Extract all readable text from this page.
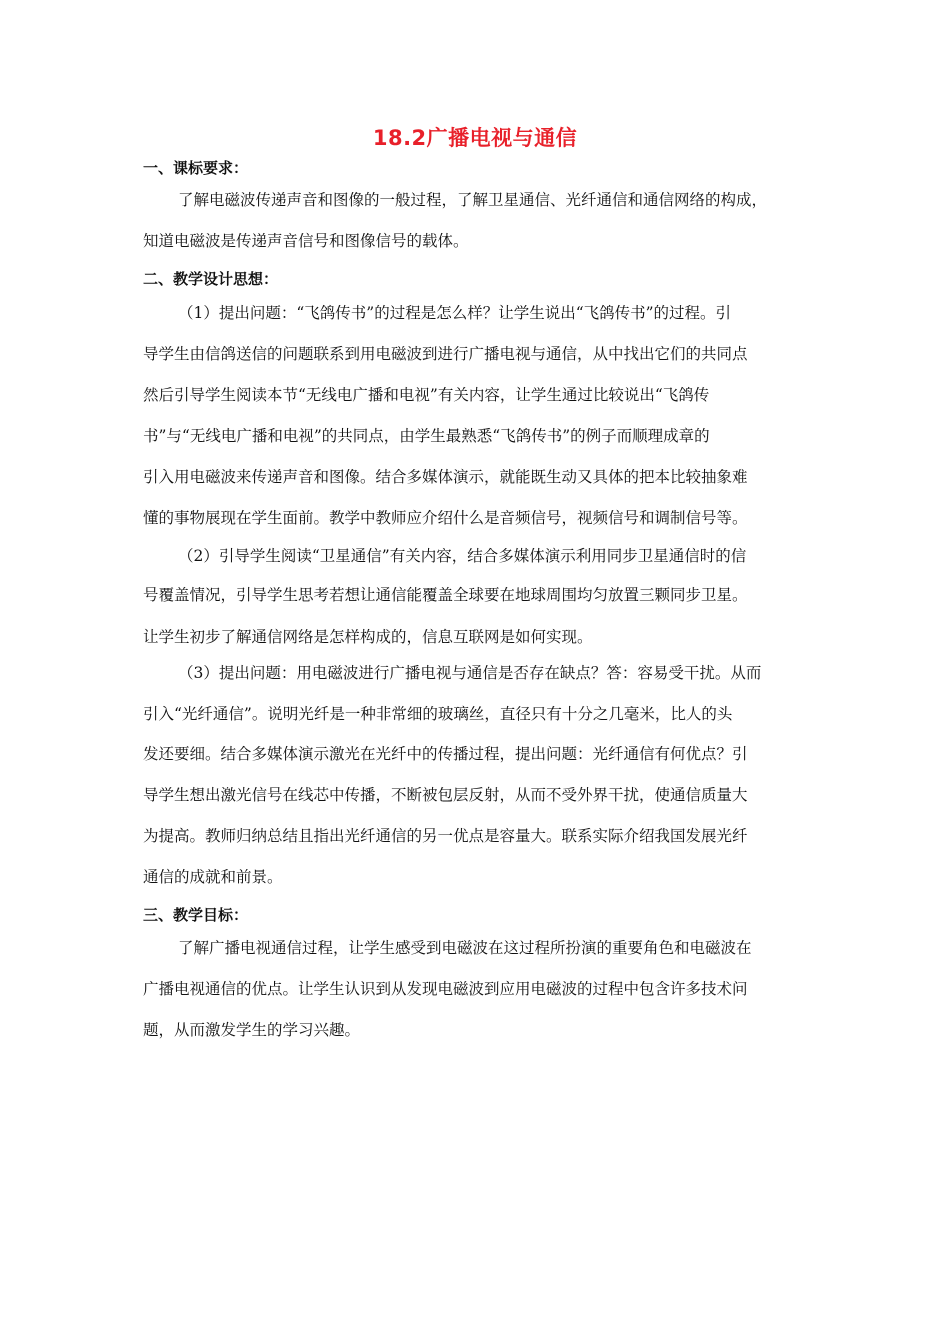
18.2广播电视与通信
一、课标要求：
了解电磁波传递声音和图像的一般过程，了解卫星通信、光纤通信和通信网络的构成，
知道电磁波是传递声音信号和图像信号的载体。
二、教学设计思想：
（1）提出问题：“飞鸽传书”的过程是怎么样？让学生说出“飞鸽传书”的过程。引
导学生由信鸽送信的问题联系到用电磁波到进行广播电视与通信，从中找出它们的共同点
然后引导学生阅读本节“无线电广播和电视”有关内容，让学生通过比较说出“飞鸽传
书”与“无线电广播和电视”的共同点，由学生最熟悉“飞鸽传书”的例子而顺理成章的
引入用电磁波来传递声音和图像。结合多媒体演示，就能既生动又具体的把本比较抽象难
懂的事物展现在学生面前。教学中教师应介绍什么是音频信号，视频信号和调制信号等。
（2）引导学生阅读“卫星通信”有关内容，结合多媒体演示利用同步卫星通信时的信
号覆盖情况，引导学生思考若想让通信能覆盖全球要在地球周围均匀放置三颗同步卫星。
让学生初步了解通信网络是怎样构成的，信息互联网是如何实现。
（3）提出问题：用电磁波进行广播电视与通信是否存在缺点？答：容易受干扰。从而
引入“光纤通信”。说明光纤是一种非常细的玻璃丝，直径只有十分之几毫米，比人的头
发还要细。结合多媒体演示激光在光纤中的传播过程，提出问题：光纤通信有何优点？引
导学生想出激光信号在线芯中传播，不断被包层反射，从而不受外界干扰，使通信质量大
为提高。教师归纳总结且指出光纤通信的另一优点是容量大。联系实际介绍我国发展光纤
通信的成就和前景。
三、教学目标：
了解广播电视通信过程，让学生感受到电磁波在这过程所扮演的重要角色和电磁波在
广播电视通信的优点。让学生认识到从发现电磁波到应用电磁波的过程中包含许多技术问
题，从而激发学生的学习兴趣。
